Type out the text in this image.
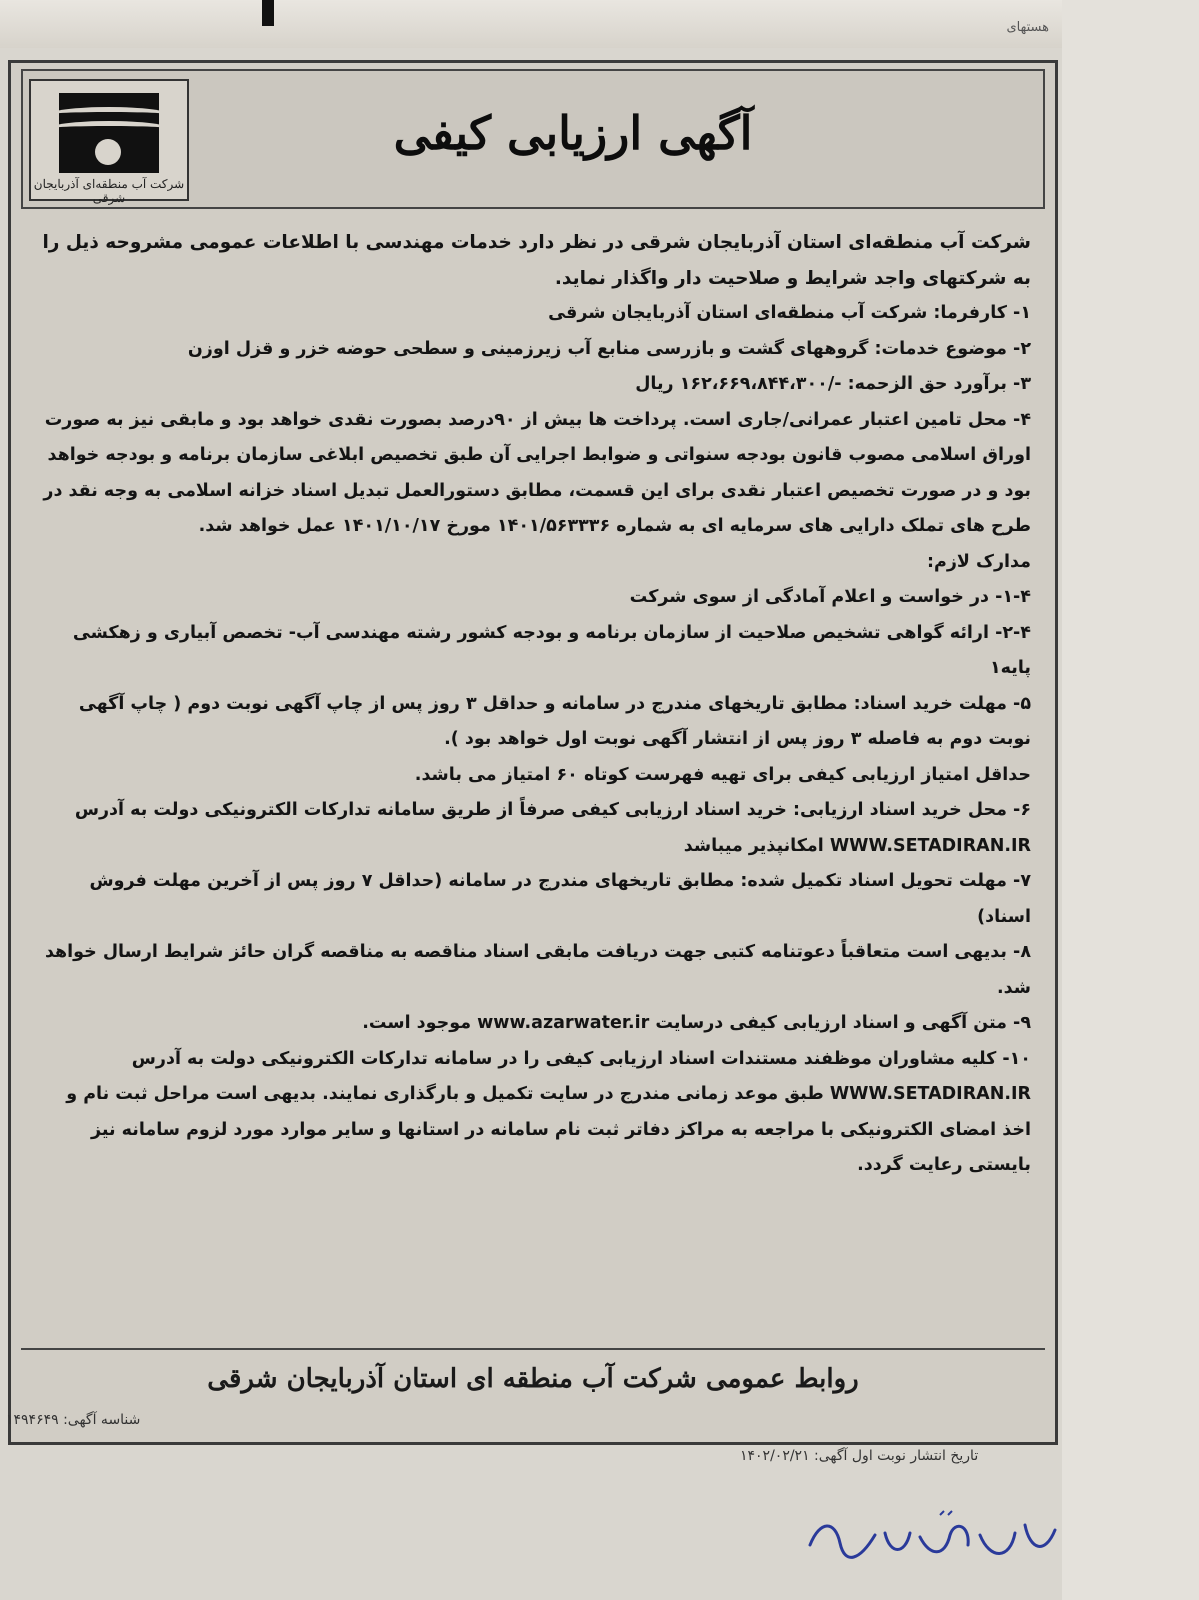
هستهای
شرکت آب منطقه‌ای آذربایجان شرقی
آگهی ارزیابی کیفی

شرکت آب منطقه‌ای استان آذربایجان شرقی در نظر دارد خدمات مهندسی با اطلاعات عمومی مشروحه ذیل را به شرکتهای واجد شرایط و صلاحیت دار واگذار نماید.

۱- کارفرما: شرکت آب منطقه‌ای استان آذربایجان شرقی

۲- موضوع خدمات: گروههای گشت و بازرسی منابع آب زیرزمینی و سطحی حوضه خزر و قزل اوزن

۳- برآورد حق الزحمه: -/۱۶۲،۶۶۹،۸۴۴،۳۰۰ ریال

۴- محل تامین اعتبار عمرانی/جاری است. پرداخت ها بیش از ۹۰درصد بصورت نقدی خواهد بود و مابقی نیز به صورت اوراق اسلامی مصوب قانون بودجه سنواتی و ضوابط اجرایی آن طبق تخصیص ابلاغی سازمان برنامه و بودجه خواهد بود و در صورت تخصیص اعتبار نقدی برای این قسمت، مطابق دستورالعمل تبدیل اسناد خزانه اسلامی به وجه نقد در طرح های تملک دارایی های سرمایه ای به شماره ۱۴۰۱/۵۶۳۳۳۶ مورخ ۱۴۰۱/۱۰/۱۷ عمل خواهد شد.

مدارک لازم:

۱-۴- در خواست و اعلام آمادگی از سوی شرکت

۲-۴- ارائه گواهی تشخیص صلاحیت از سازمان برنامه و بودجه کشور رشته مهندسی آب- تخصص آبیاری و زهکشی پایه۱

۵- مهلت خرید اسناد: مطابق تاریخهای مندرج در سامانه و حداقل ۳ روز پس از چاپ آگهی نوبت دوم ( چاپ آگهی نوبت دوم به فاصله ۳ روز پس از انتشار آگهی نوبت اول خواهد بود ).

حداقل امتیاز ارزیابی کیفی برای تهیه فهرست کوتاه ۶۰ امتیاز می باشد.

۶- محل خرید اسناد ارزیابی: خرید اسناد ارزیابی کیفی صرفاً از طریق سامانه تدارکات الکترونیکی دولت به آدرس WWW.SETADIRAN.IR امکانپذیر میباشد

۷- مهلت تحویل اسناد تکمیل شده: مطابق تاریخهای مندرج در سامانه (حداقل ۷ روز پس از آخرین مهلت فروش اسناد)

۸- بدیهی است متعاقباً دعوتنامه کتبی جهت دریافت مابقی اسناد مناقصه به مناقصه گران حائز شرایط ارسال خواهد شد.

۹- متن آگهی و اسناد ارزیابی کیفی درسایت www.azarwater.ir موجود است.

۱۰- کلیه مشاوران موظفند مستندات اسناد ارزیابی کیفی را در سامانه تدارکات الکترونیکی دولت به آدرس WWW.SETADIRAN.IR طبق موعد زمانی مندرج در سایت تکمیل و بارگذاری نمایند. بدیهی است مراحل ثبت نام و اخذ امضای الکترونیکی با مراجعه به مراکز دفاتر ثبت نام سامانه در استانها و سایر موارد مورد لزوم سامانه نیز بایستی رعایت گردد.

روابط عمومی شرکت آب منطقه ای استان آذربایجان شرقی
شناسه آگهی: ۱۴۹۴۶۴۹
تاریخ انتشار نوبت اول آگهی: ۱۴۰۲/۰۲/۲۱
